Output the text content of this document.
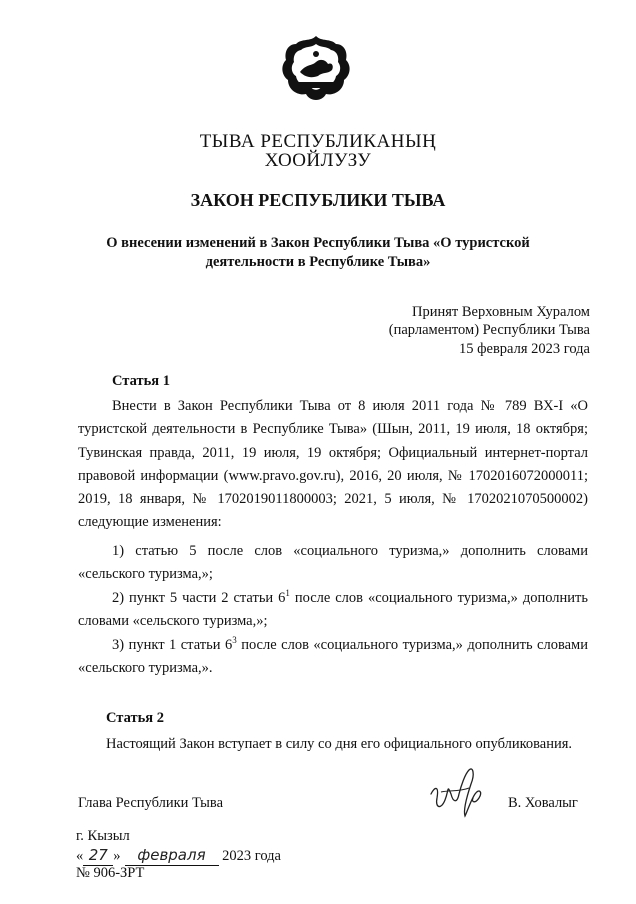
ТЫВА РЕСПУБЛИКАНЫҢ
ХООЙЛУЗУ
ЗАКОН РЕСПУБЛИКИ ТЫВА
О внесении изменений в Закон Республики Тыва «О туристской
деятельности в Республике Тыва»
Принят Верховным Хуралом
(парламентом) Республики Тыва
15 февраля 2023 года
Статья 1
Внести в Закон Республики Тыва от 8 июля 2011 года № 789 ВХ-I «О туристской деятельности в Республике Тыва» (Шын, 2011, 19 июля, 18 октября; Тувинская правда, 2011, 19 июля, 19 октября; Официальный интернет-портал правовой информации (www.pravo.gov.ru), 2016, 20 июля, № 1702016072000011; 2019, 18 января, № 1702019011800003; 2021, 5 июля, № 1702021070500002) следующие изменения:
1) статью 5 после слов «социального туризма,» дополнить словами «сельского туризма,»;
2) пункт 5 части 2 статьи $6^1$ после слов «социального туризма,» дополнить словами «сельского туризма,»;
3) пункт 1 статьи $6^3$ после слов «социального туризма,» дополнить словами «сельского туризма,».
Статья 2
Настоящий Закон вступает в силу со дня его официального опубликования.
Глава Республики Тыва	В. Ховалыг
г. Кызыл
« 27 » февраля 2023 года
№ 906-ЗРТ
